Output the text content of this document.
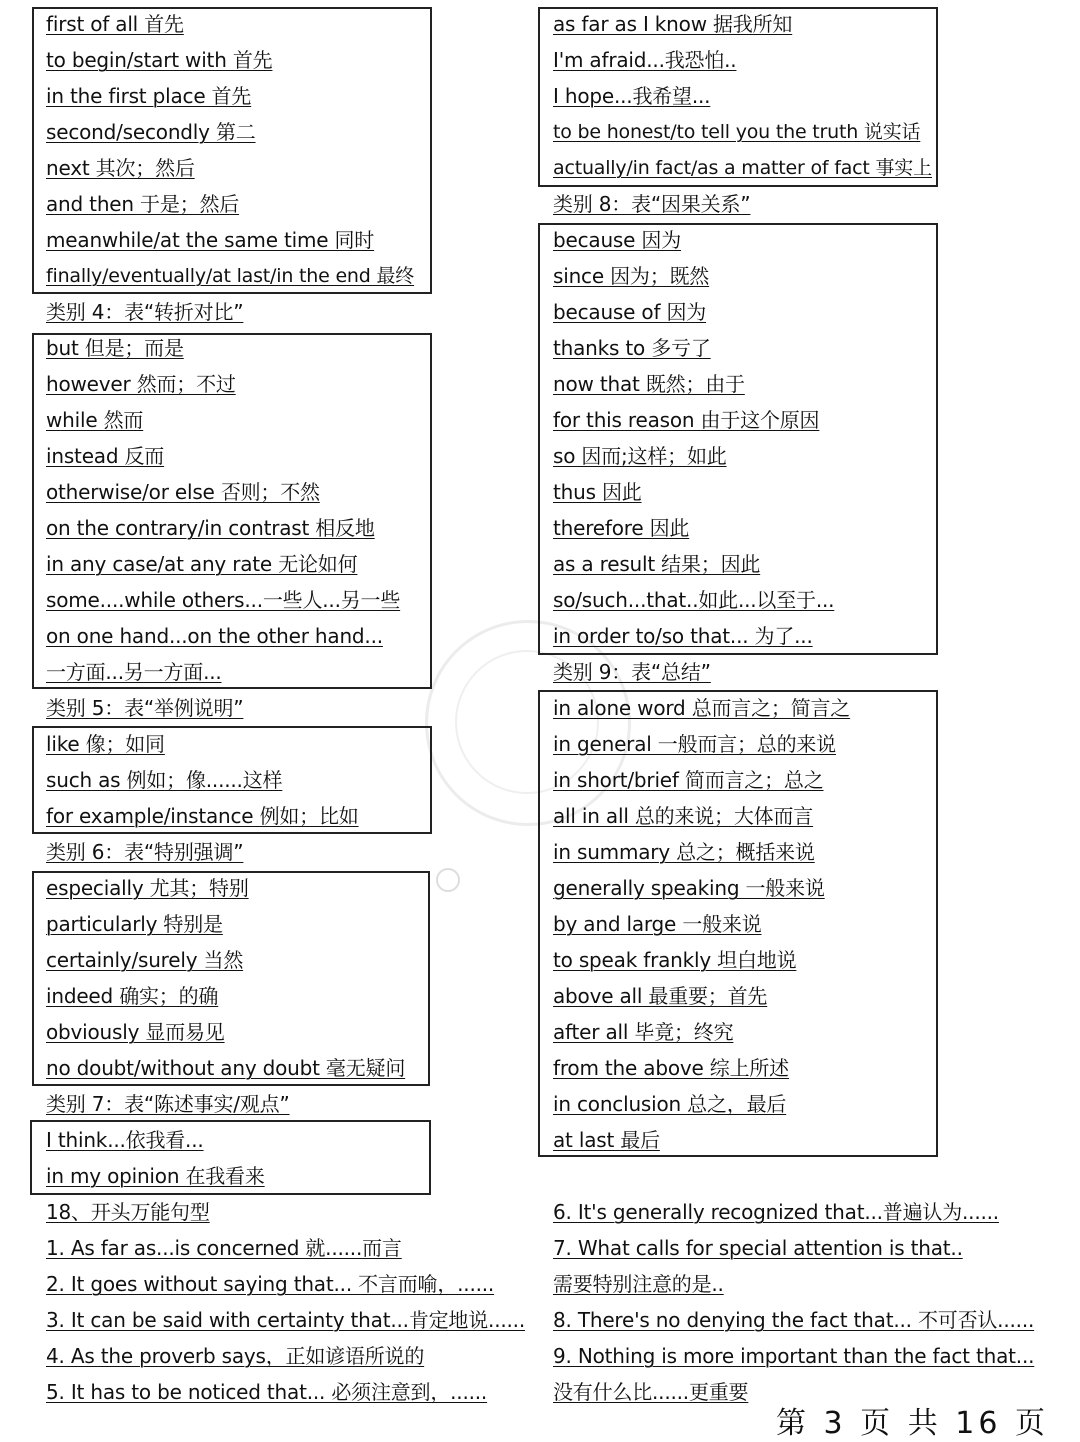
first of all 首先
to begin/start with 首先
in the first place 首先
second/secondly 第二
next 其次；然后
and then 于是；然后
meanwhile/at the same time 同时
finally/eventually/at last/in the end 最终
类别 4：表“转折对比”
but 但是；而是
however 然而；不过
while 然而
instead 反而
otherwise/or else 否则；不然
on the contrary/in contrast 相反地
in any case/at any rate 无论如何
some....while others...一些人...另一些
on one hand...on the other hand...
一方面...另一方面...
类别 5：表“举例说明”
like 像；如同
such as 例如；像......这样
for example/instance 例如；比如
类别 6：表“特别强调”
especially 尤其；特别
particularly 特别是
certainly/surely 当然
indeed 确实；的确
obviously 显而易见
no doubt/without any doubt 毫无疑问
类别 7：表“陈述事实/观点”
I think...依我看...
in my opinion 在我看来
18、开头万能句型
1. As far as...is concerned 就......而言
2. It goes without saying that... 不言而喻，......
3. It can be said with certainty that...肯定地说......
4. As the proverb says，正如谚语所说的
5. It has to be noticed that... 必须注意到，......
as far as I know 据我所知
I'm afraid...我恐怕..
I hope...我希望...
to be honest/to tell you the truth 说实话
actually/in fact/as a matter of fact 事实上
类别 8：表“因果关系”
because 因为
since 因为；既然
because of 因为
thanks to 多亏了
now that 既然；由于
for this reason 由于这个原因
so 因而;这样；如此
thus 因此
therefore 因此
as a result 结果；因此
so/such...that..如此...以至于...
in order to/so that... 为了...
类别 9：表“总结”
in alone word 总而言之；简言之
in general 一般而言；总的来说
in short/brief 简而言之；总之
all in all 总的来说；大体而言
in summary 总之；概括来说
generally speaking 一般来说
by and large 一般来说
to speak frankly 坦白地说
above all 最重要；首先
after all 毕竟；终究
from the above 综上所述
in conclusion 总之，最后
at last 最后
6. It's generally recognized that...普遍认为......
7. What calls for special attention is that..
需要特别注意的是..
8. There's no denying the fact that... 不可否认......
9. Nothing is more important than the fact that...
没有什么比......更重要
第 3 页 共 16 页
